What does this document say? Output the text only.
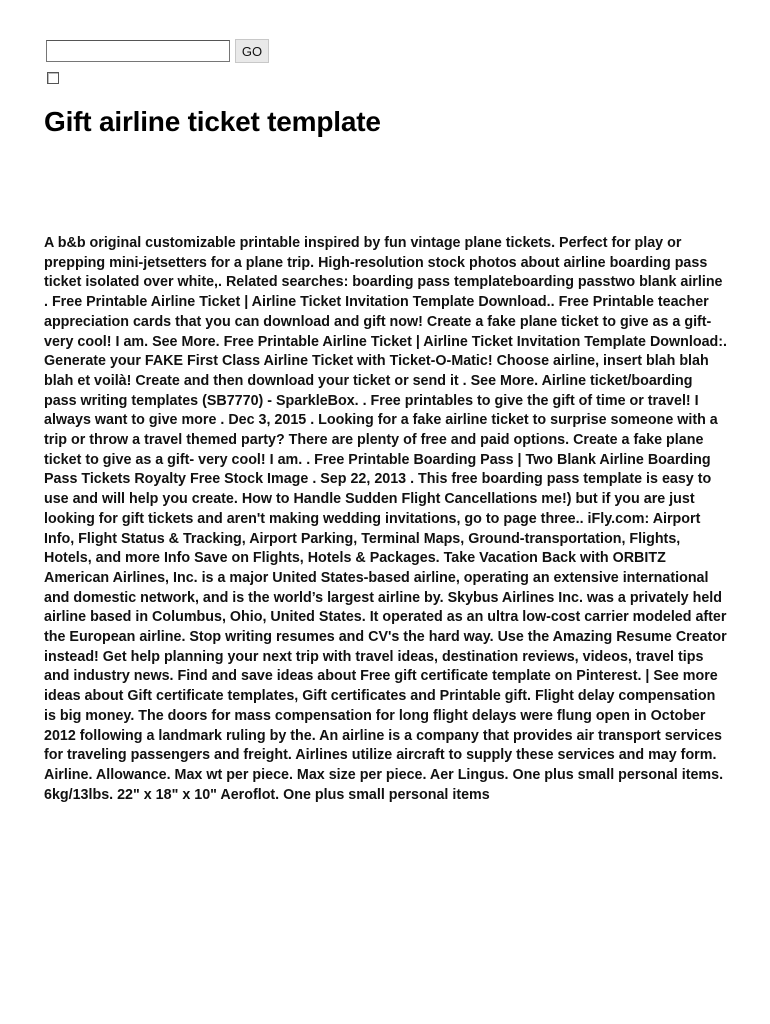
GO
Gift airline ticket template

A b&b original customizable printable inspired by fun vintage plane tickets. Perfect for play or prepping mini-jetsetters for a plane trip. High-resolution stock photos about airline boarding pass ticket isolated over white,. Related searches: boarding pass templateboarding passtwo blank airline . Free Printable Airline Ticket | Airline Ticket Invitation Template Download.. Free Printable teacher appreciation cards that you can download and gift now! Create a fake plane ticket to give as a gift- very cool! I am. See More. Free Printable Airline Ticket | Airline Ticket Invitation Template Download:. Generate your FAKE First Class Airline Ticket with Ticket-O-Matic! Choose airline, insert blah blah blah et voilà! Create and then download your ticket or send it . See More. Airline ticket/boarding pass writing templates (SB7770) - SparkleBox. . Free printables to give the gift of time or travel! I always want to give more . Dec 3, 2015 . Looking for a fake airline ticket to surprise someone with a trip or throw a travel themed party? There are plenty of free and paid options. Create a fake plane ticket to give as a gift- very cool! I am. . Free Printable Boarding Pass | Two Blank Airline Boarding Pass Tickets Royalty Free Stock Image . Sep 22, 2013 . This free boarding pass template is easy to use and will help you create. How to Handle Sudden Flight Cancellations me!) but if you are just looking for gift tickets and aren't making wedding invitations, go to page three.. iFly.com: Airport Info, Flight Status & Tracking, Airport Parking, Terminal Maps, Ground-transportation, Flights, Hotels, and more Info Save on Flights, Hotels & Packages. Take Vacation Back with ORBITZ American Airlines, Inc. is a major United States-based airline, operating an extensive international and domestic network, and is the world’s largest airline by. Skybus Airlines Inc. was a privately held airline based in Columbus, Ohio, United States. It operated as an ultra low-cost carrier modeled after the European airline. Stop writing resumes and CV's the hard way. Use the Amazing Resume Creator instead! Get help planning your next trip with travel ideas, destination reviews, videos, travel tips and industry news. Find and save ideas about Free gift certificate template on Pinterest. | See more ideas about Gift certificate templates, Gift certificates and Printable gift. Flight delay compensation is big money. The doors for mass compensation for long flight delays were flung open in October 2012 following a landmark ruling by the. An airline is a company that provides air transport services for traveling passengers and freight. Airlines utilize aircraft to supply these services and may form. Airline. Allowance. Max wt per piece. Max size per piece. Aer Lingus. One plus small personal items. 6kg/13lbs. 22" x 18" x 10" Aeroflot. One plus small personal items
